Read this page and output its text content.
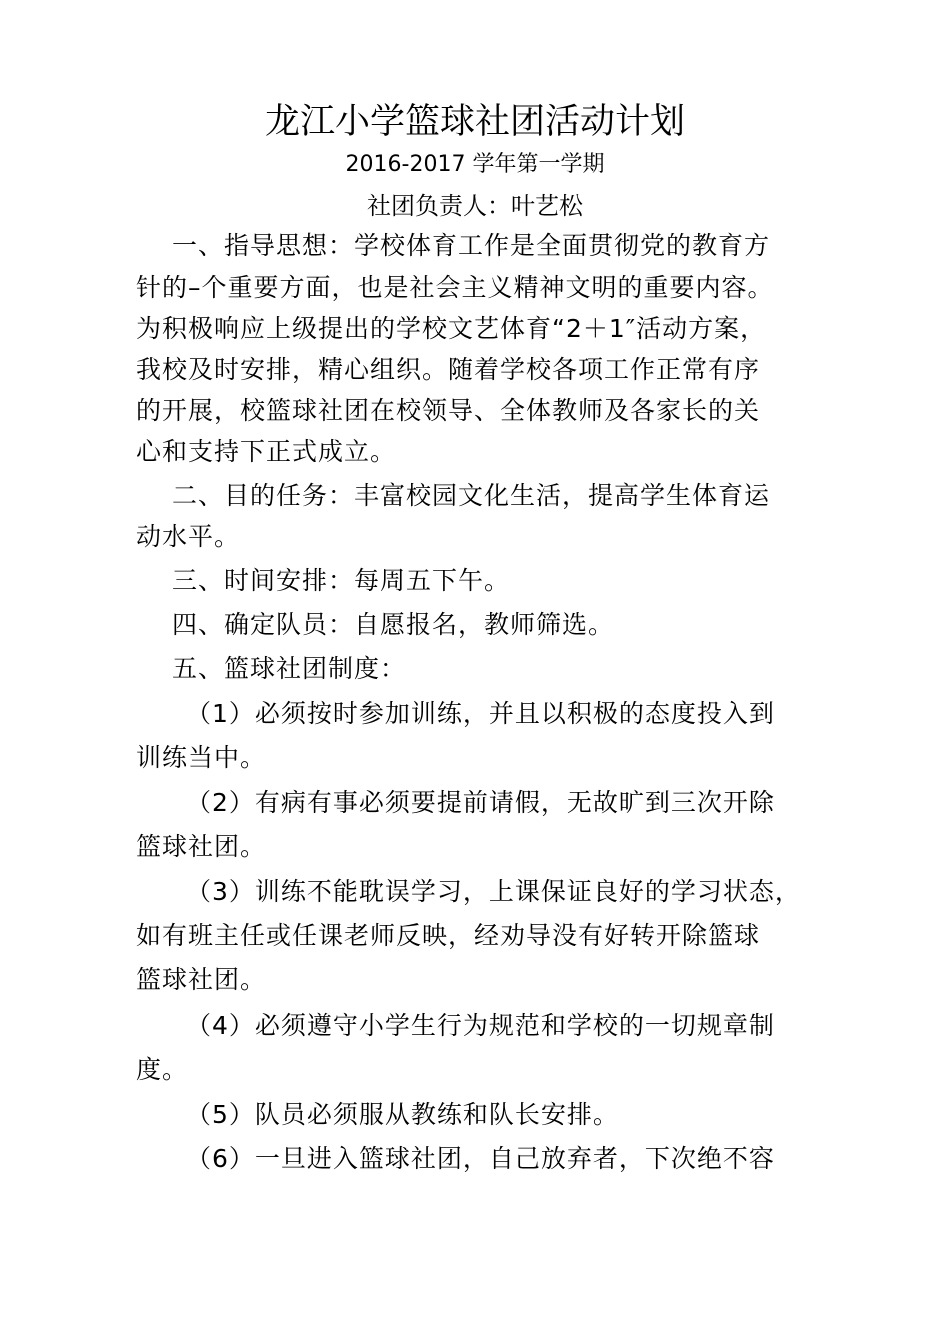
龙江小学篮球社团活动计划
2016-2017 学年第一学期
社团负责人：叶艺松
一、指导思想：学校体育工作是全面贯彻党的教育方
针的–个重要方面，也是社会主义精神文明的重要内容。
为积极响应上级提出的学校文艺体育“2＋1″活动方案，
我校及时安排，精心组织。随着学校各项工作正常有序
的开展，校篮球社团在校领导、全体教师及各家长的关
心和支持下正式成立。
二、目的任务：丰富校园文化生活，提高学生体育运
动水平。
三、时间安排：每周五下午。
四、确定队员：自愿报名，教师筛选。
五、篮球社团制度：
（1）必须按时参加训练，并且以积极的态度投入到
训练当中。
（2）有病有事必须要提前请假，无故旷到三次开除
篮球社团。
（3）训练不能耽误学习，上课保证良好的学习状态，
如有班主任或任课老师反映，经劝导没有好转开除篮球
篮球社团。
（4）必须遵守小学生行为规范和学校的一切规章制
度。
（5）队员必须服从教练和队长安排。
（6）一旦进入篮球社团，自己放弃者，下次绝不容
